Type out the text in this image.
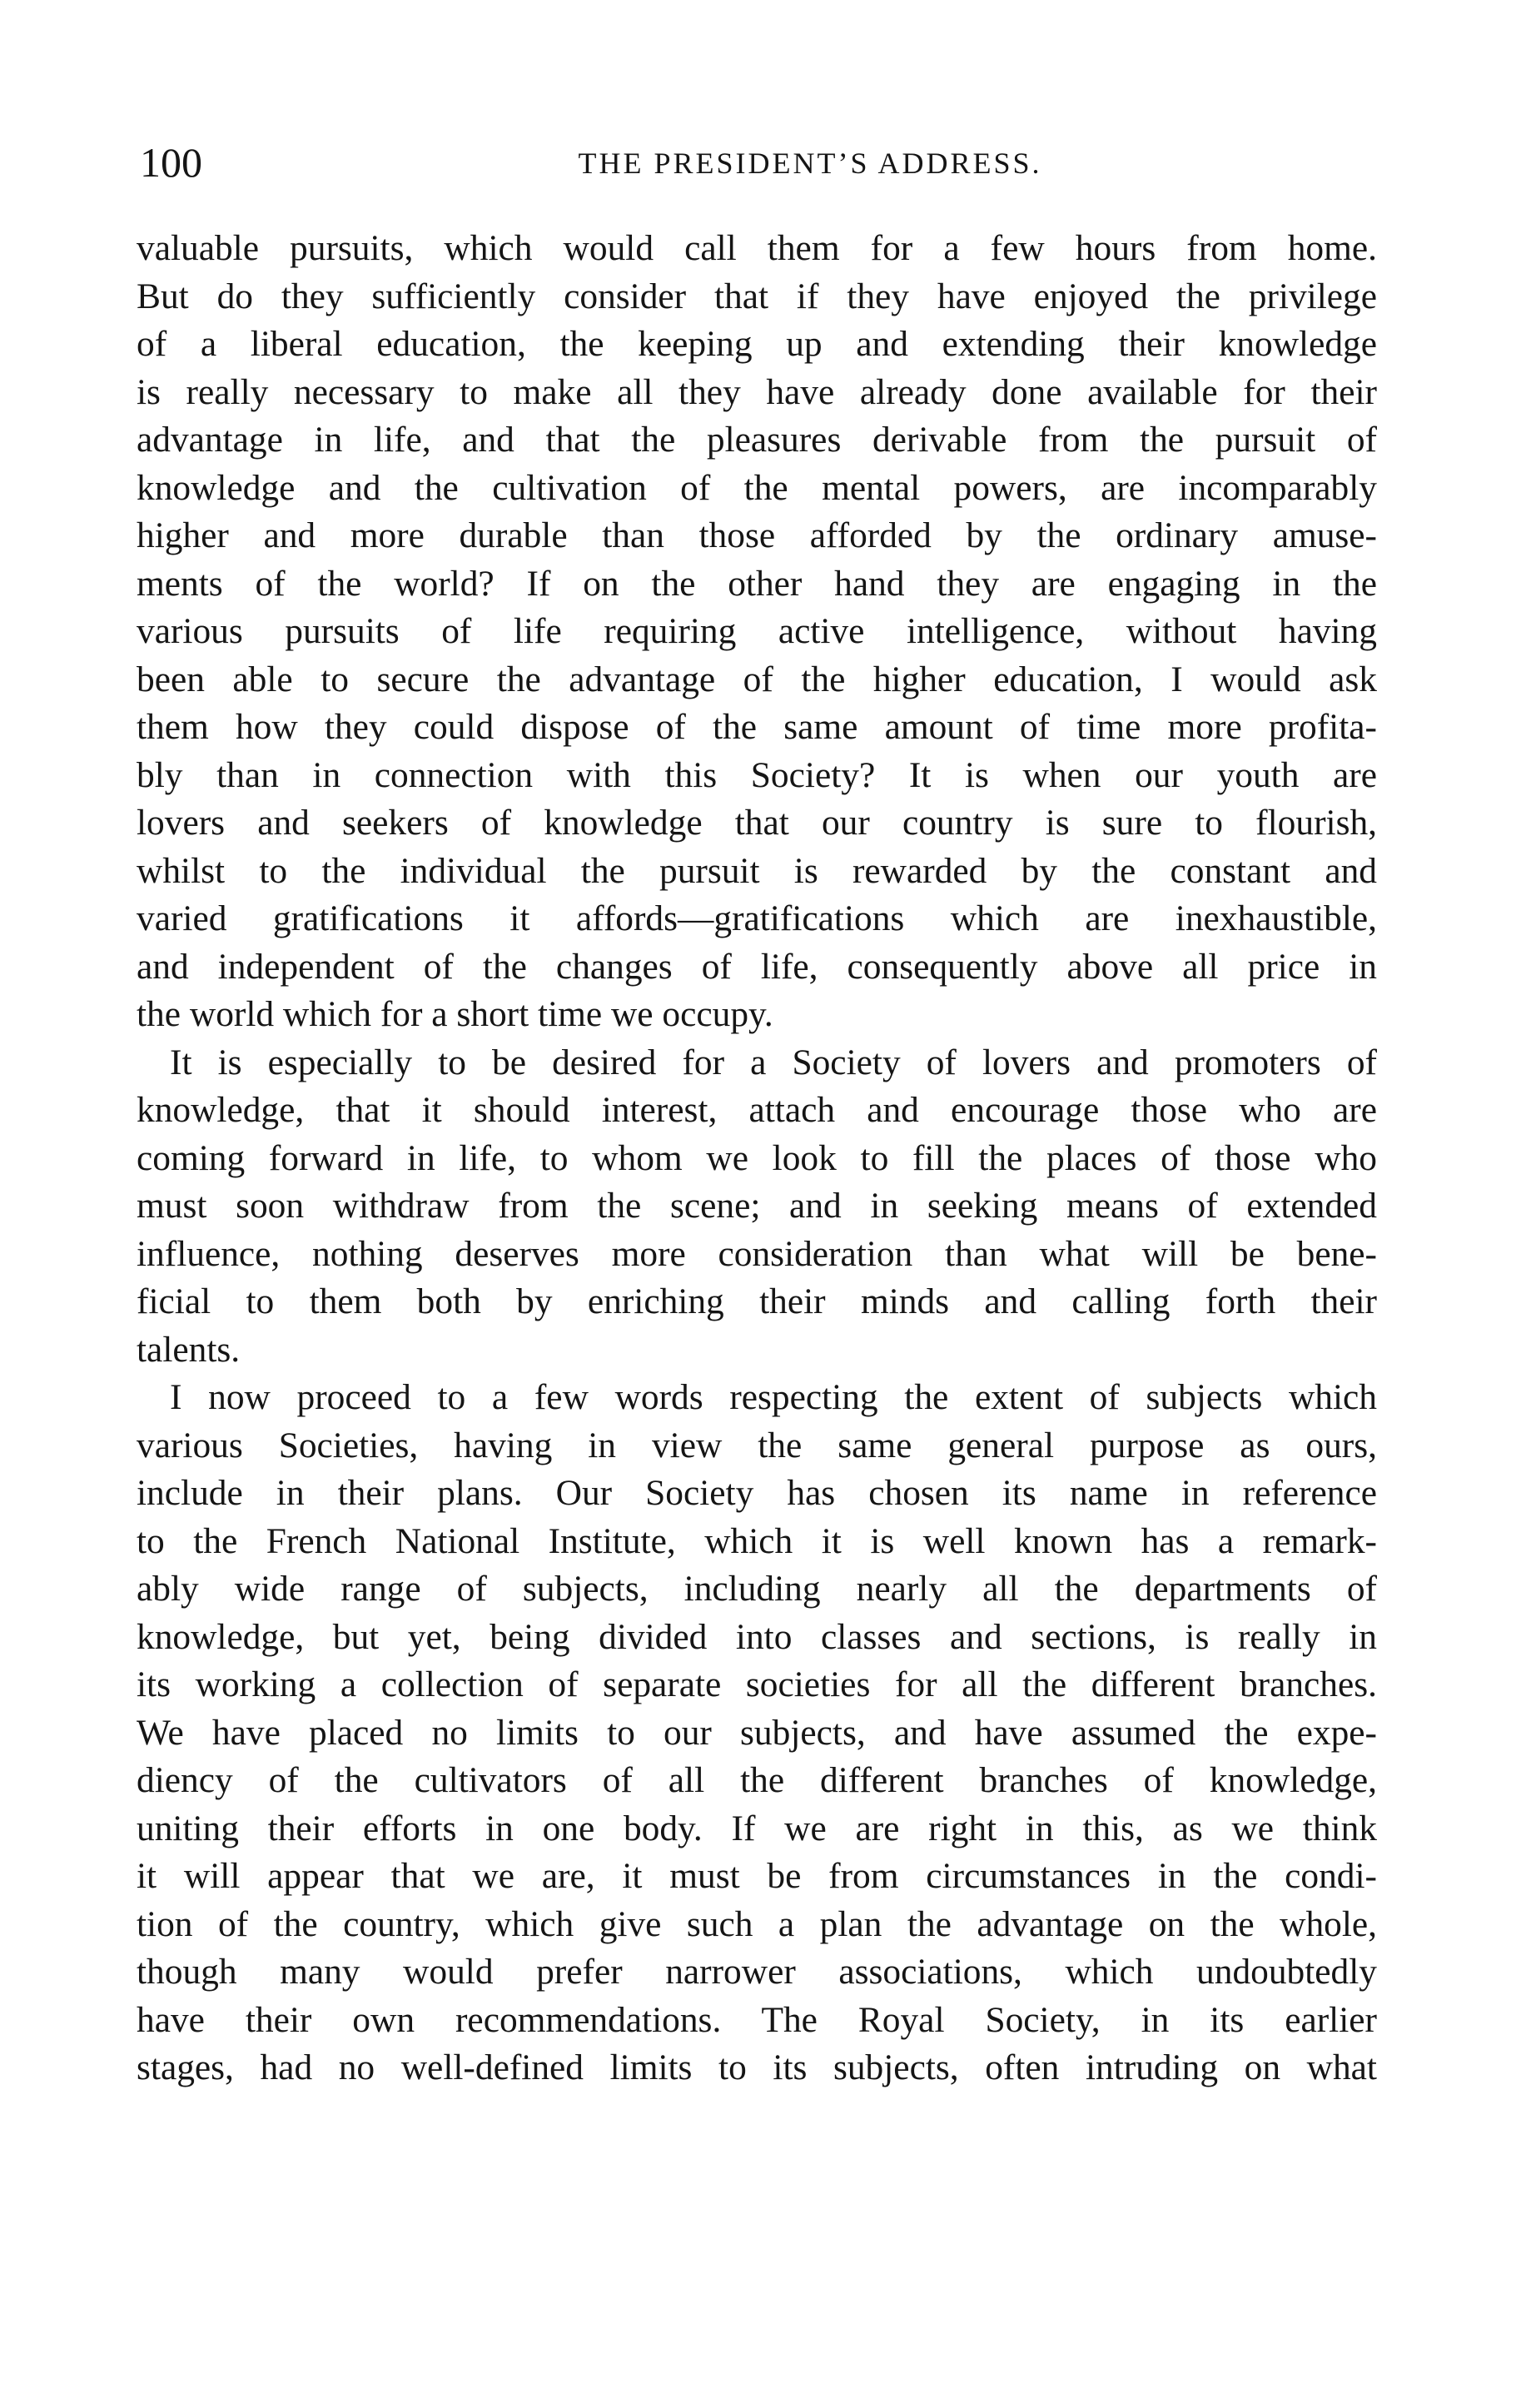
100	THE PRESIDENT’S ADDRESS.
valuable pursuits, which would call them for a few hours from home.
But do they sufficiently consider that if they have enjoyed the privilege
of a liberal education, the keeping up and extending their knowledge
is really necessary to make all they have already done available for their
advantage in life, and that the pleasures derivable from the pursuit of
knowledge and the cultivation of the mental powers, are incomparably
higher and more durable than those afforded by the ordinary amuse-
ments of the world? If on the other hand they are engaging in the
various pursuits of life requiring active intelligence, without having
been able to secure the advantage of the higher education, I would ask
them how they could dispose of the same amount of time more profita-
bly than in connection with this Society? It is when our youth are
lovers and seekers of knowledge that our country is sure to flourish,
whilst to the individual the pursuit is rewarded by the constant and
varied gratifications it affords—gratifications which are inexhaustible,
and independent of the changes of life, consequently above all price in
the world which for a short time we occupy.
It is especially to be desired for a Society of lovers and promoters of
knowledge, that it should interest, attach and encourage those who are
coming forward in life, to whom we look to fill the places of those who
must soon withdraw from the scene; and in seeking means of extended
influence, nothing deserves more consideration than what will be bene-
ficial to them both by enriching their minds and calling forth their
talents.
I now proceed to a few words respecting the extent of subjects which
various Societies, having in view the same general purpose as ours,
include in their plans. Our Society has chosen its name in reference
to the French National Institute, which it is well known has a remark-
ably wide range of subjects, including nearly all the departments of
knowledge, but yet, being divided into classes and sections, is really in
its working a collection of separate societies for all the different branches.
We have placed no limits to our subjects, and have assumed the expe-
diency of the cultivators of all the different branches of knowledge,
uniting their efforts in one body. If we are right in this, as we think
it will appear that we are, it must be from circumstances in the condi-
tion of the country, which give such a plan the advantage on the whole,
though many would prefer narrower associations, which undoubtedly
have their own recommendations. The Royal Society, in its earlier
stages, had no well-defined limits to its subjects, often intruding on what
